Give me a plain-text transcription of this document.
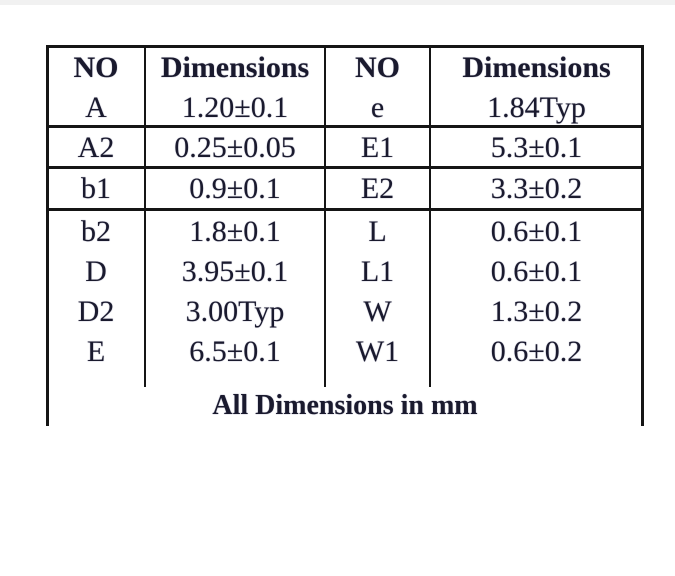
NO	Dimensions	NO	Dimensions
A	1.20±0.1	e	1.84Typ
A2	0.25±0.05	E1	5.3±0.1
b1	0.9±0.1	E2	3.3±0.2
b2	1.8±0.1	L	0.6±0.1
D	3.95±0.1	L1	0.6±0.1
D2	3.00Typ	W	1.3±0.2
E	6.5±0.1	W1	0.6±0.2
All Dimensions in mm
